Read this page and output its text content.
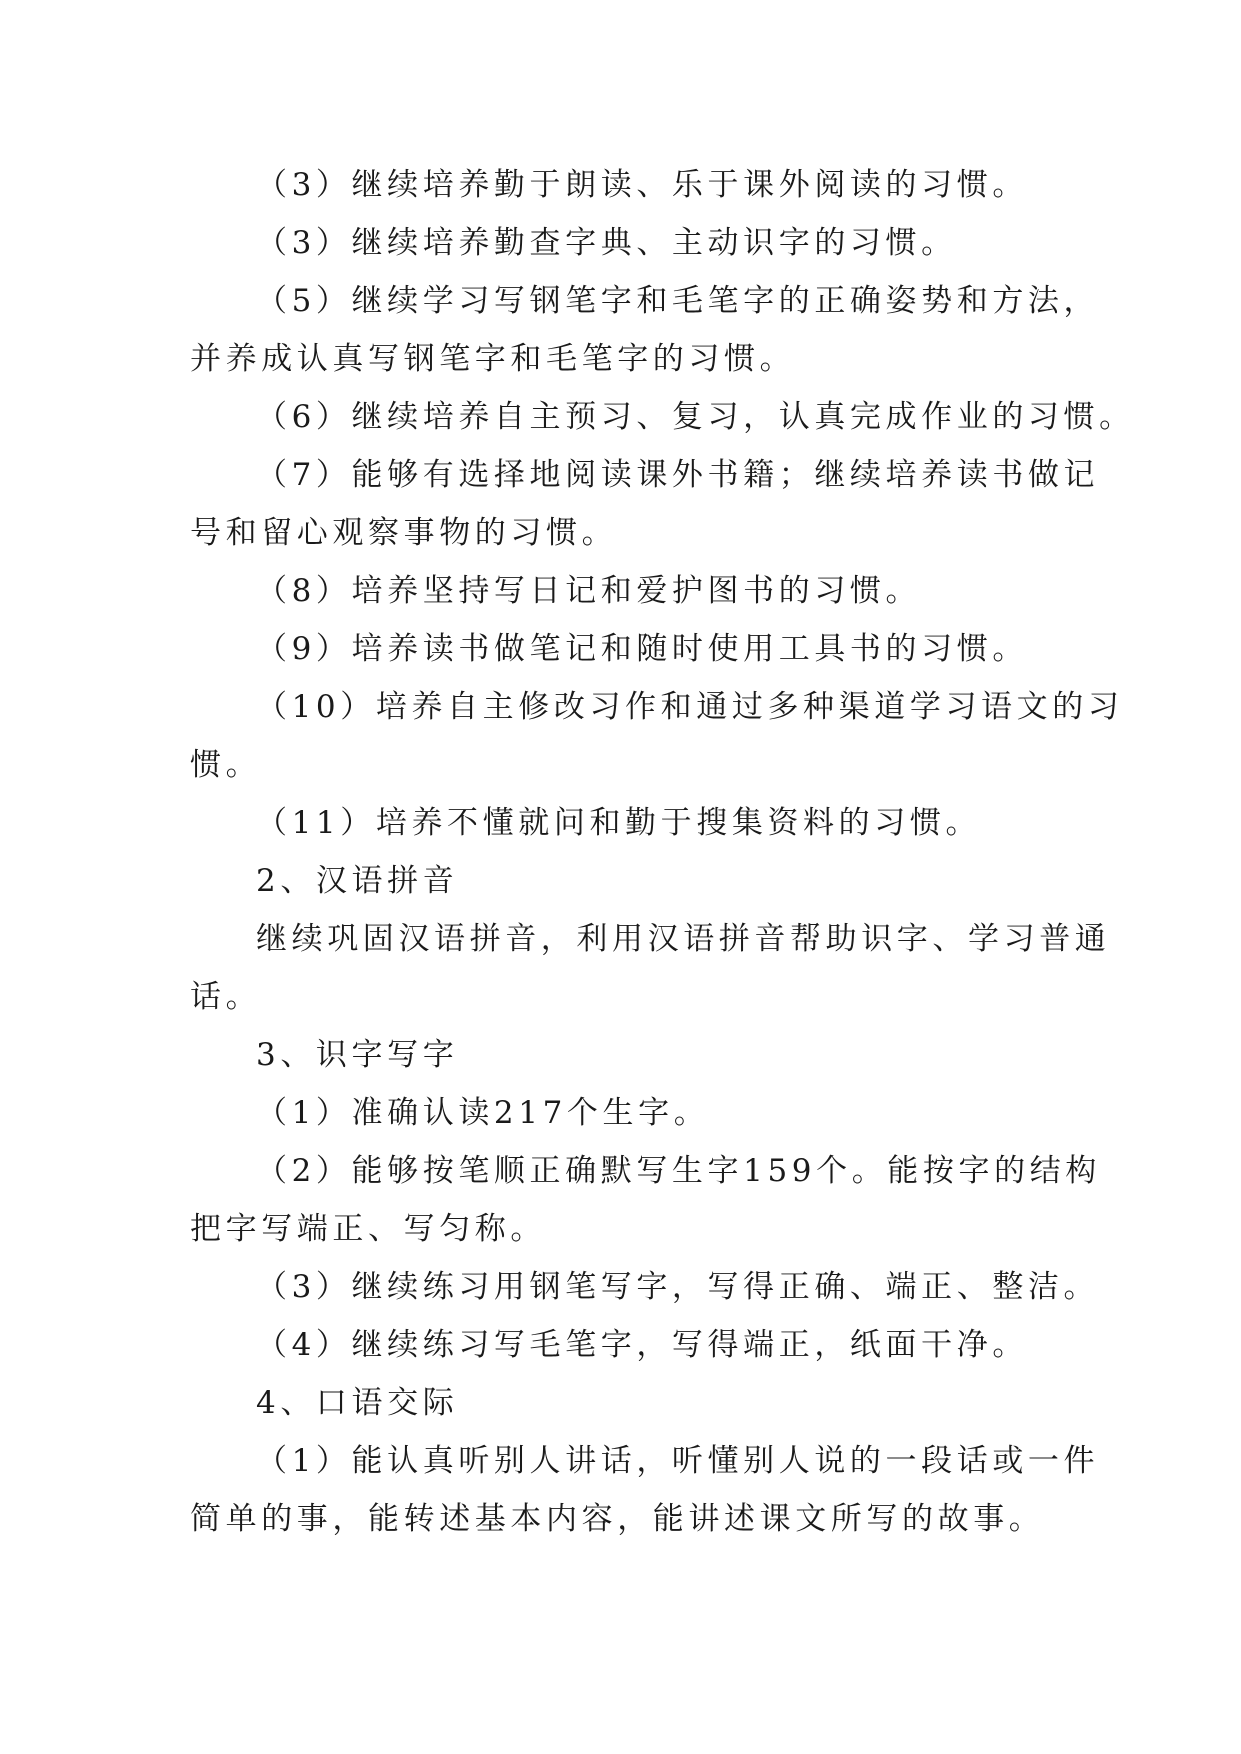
（3）继续培养勤于朗读、乐于课外阅读的习惯。
（3）继续培养勤查字典、主动识字的习惯。
（5）继续学习写钢笔字和毛笔字的正确姿势和方法，
并养成认真写钢笔字和毛笔字的习惯。
（6）继续培养自主预习、复习，认真完成作业的习惯。
（7）能够有选择地阅读课外书籍；继续培养读书做记
号和留心观察事物的习惯。
（8）培养坚持写日记和爱护图书的习惯。
（9）培养读书做笔记和随时使用工具书的习惯。
（10）培养自主修改习作和通过多种渠道学习语文的习
惯。
（11）培养不懂就问和勤于搜集资料的习惯。
2、汉语拼音
继续巩固汉语拼音，利用汉语拼音帮助识字、学习普通
话。
3、识字写字
（1）准确认读217个生字。
（2）能够按笔顺正确默写生字159个。能按字的结构
把字写端正、写匀称。
（3）继续练习用钢笔写字，写得正确、端正、整洁。
（4）继续练习写毛笔字，写得端正，纸面干净。
4、口语交际
（1）能认真听别人讲话，听懂别人说的一段话或一件
简单的事，能转述基本内容，能讲述课文所写的故事。
